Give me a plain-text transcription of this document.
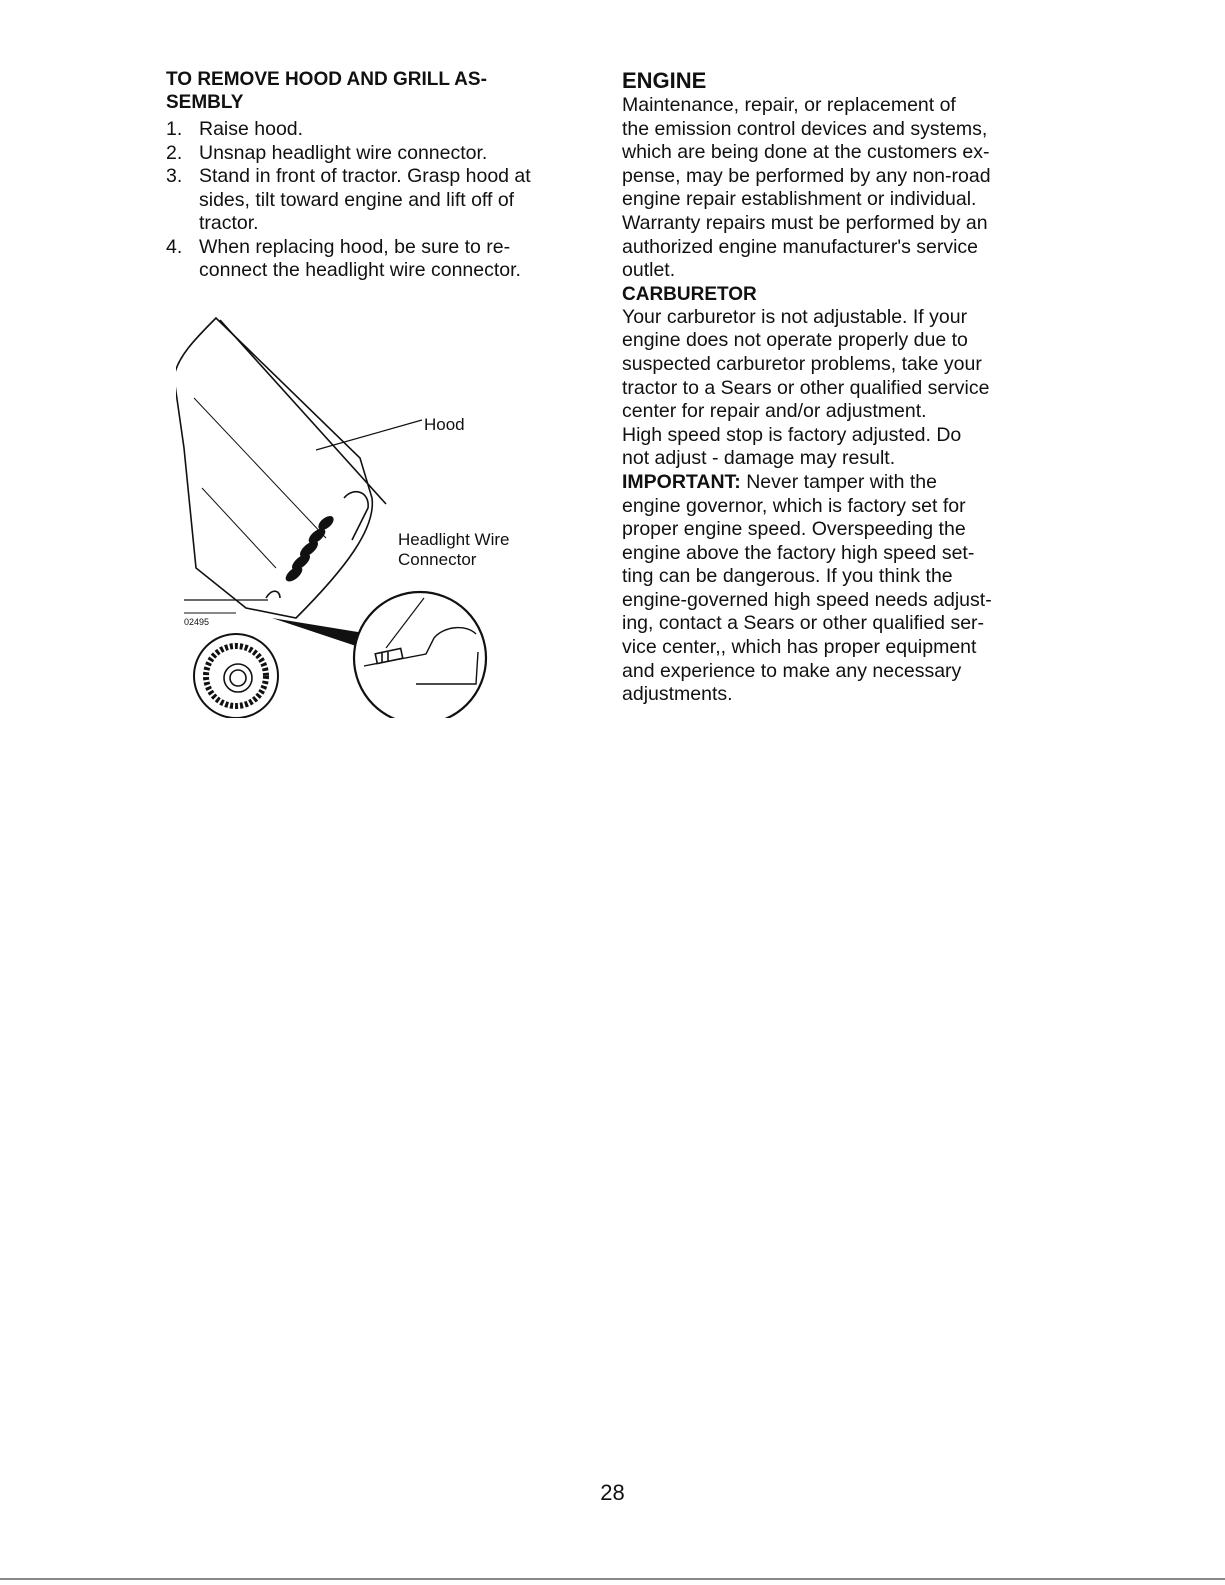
TO REMOVE HOOD AND GRILL AS-
SEMBLY
1. Raise hood.
2. Unsnap headlight wire connector.
3. Stand in front of tractor. Grasp hood at
sides, tilt toward engine and lift off of
tractor.
4. When replacing hood, be sure to re-
connect the headlight wire connector.
Hood
Headlight Wire
Connector
02495
ENGINE

Maintenance, repair, or replacement of
the emission control devices and systems,
which are being done at the customers ex-
pense, may be performed by any non-road
engine repair establishment or individual.
Warranty repairs must be performed by an
authorized engine manufacturer's service
outlet.

CARBURETOR

Your carburetor is not adjustable. If your
engine does not operate properly due to
suspected carburetor problems, take your
tractor to a Sears or other qualified service
center for repair and/or adjustment.
High speed stop is factory adjusted. Do
not adjust - damage may result.

IMPORTANT: Never tamper with the
engine governor, which is factory set for
proper engine speed. Overspeeding the
engine above the factory high speed set-
ting can be dangerous. If you think the
engine-governed high speed needs adjust-
ing, contact a Sears or other qualified ser-
vice center,, which has proper equipment
and experience to make any necessary
adjustments.

28
